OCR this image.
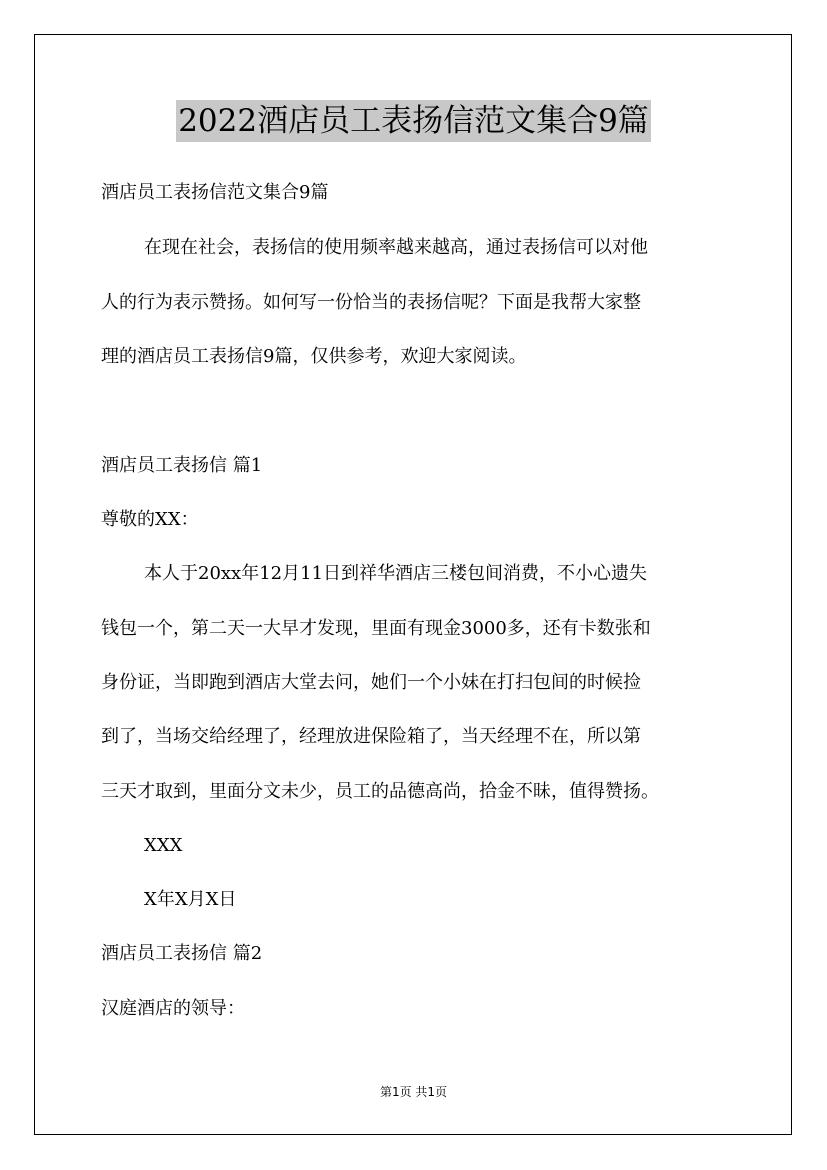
2022酒店员工表扬信范文集合9篇
酒店员工表扬信范文集合9篇
在现在社会，表扬信的使用频率越来越高，通过表扬信可以对他
人的行为表示赞扬。如何写一份恰当的表扬信呢？下面是我帮大家整
理的酒店员工表扬信9篇，仅供参考，欢迎大家阅读。
酒店员工表扬信 篇1
尊敬的XX：
本人于20xx年12月11日到祥华酒店三楼包间消费，不小心遗失
钱包一个，第二天一大早才发现，里面有现金3000多，还有卡数张和
身份证，当即跑到酒店大堂去问，她们一个小妹在打扫包间的时候捡
到了，当场交给经理了，经理放进保险箱了，当天经理不在，所以第
三天才取到，里面分文未少，员工的品德高尚，拾金不昧，值得赞扬。
XXX
X年X月X日
酒店员工表扬信 篇2
汉庭酒店的领导：
第1页 共1页
